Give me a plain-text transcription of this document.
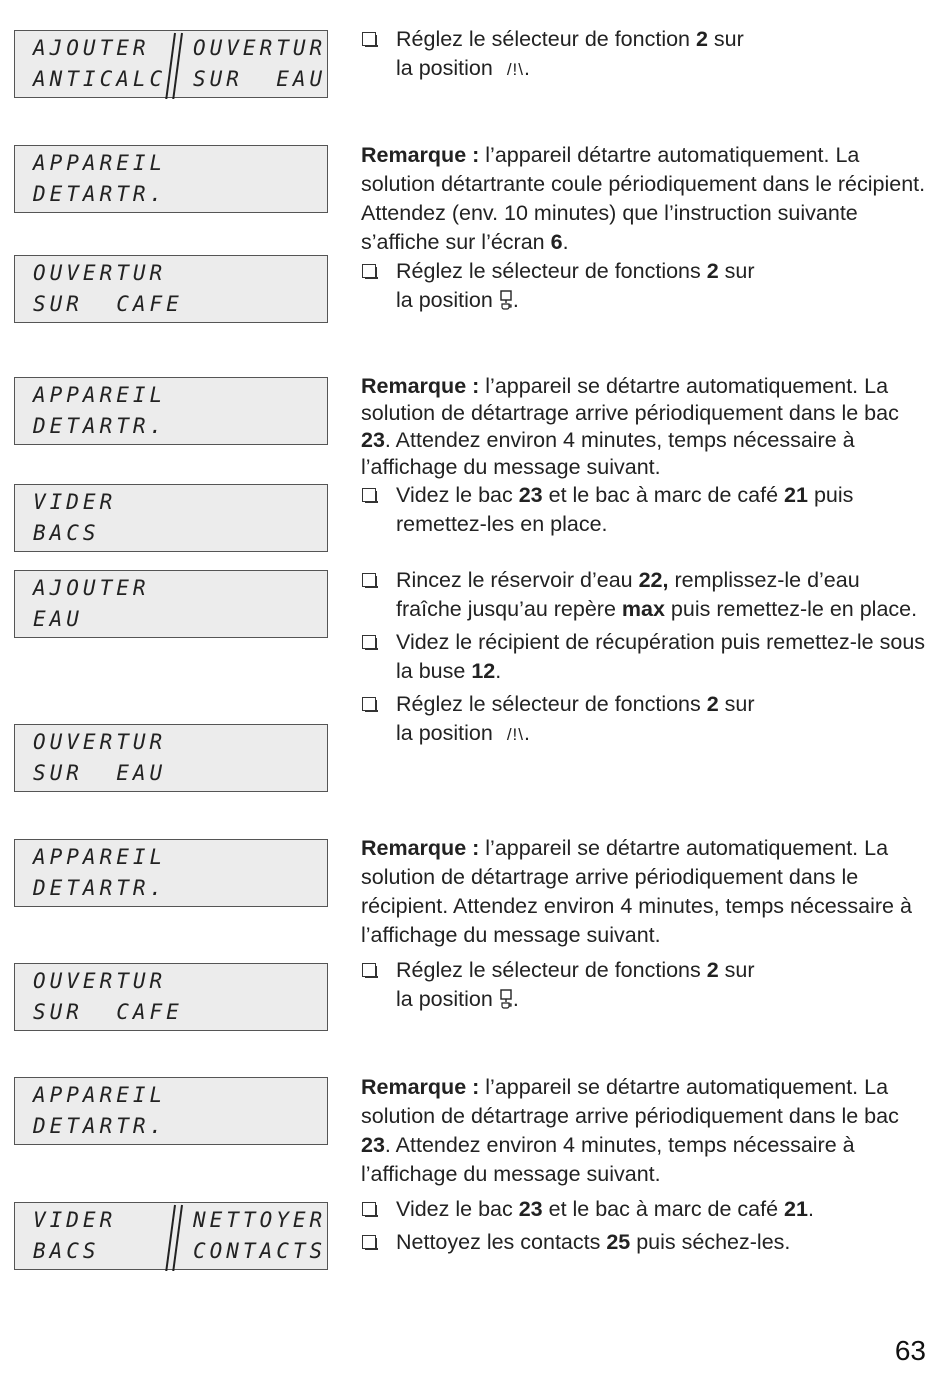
AJOUTER
ANTICALC
OUVERTUR
SUR  EAU
APPAREIL
DETARTR.
OUVERTUR
SUR  CAFE
APPAREIL
DETARTR.
VIDER
BACS
AJOUTER
EAU
OUVERTUR
SUR  EAU
APPAREIL
DETARTR.
OUVERTUR
SUR  CAFE
APPAREIL
DETARTR.
VIDER
BACS
NETTOYER
CONTACTS
Réglez le sélecteur de fonction 2 sur
la position /!\.

Remarque : l’appareil détartre automatiquement. La solution détartrante coule périodiquement dans le récipient. Attendez (env. 10 minutes) que l’instruction suivante s’affiche sur l’écran 6.

Réglez le sélecteur de fonctions 2 sur
la position .

Remarque : l’appareil se détartre automatiquement. La solution de détartrage arrive périodiquement dans le bac 23. Attendez environ 4 minutes, temps nécessaire à l’affichage du message suivant.

Videz le bac 23 et le bac à marc de café 21 puis remettez-les en place.
Rincez le réservoir d’eau 22, remplissez-le d’eau fraîche jusqu’au repère max puis remettez-le en place.
Videz le récipient de récupération puis remettez-le sous la buse 12.
Réglez le sélecteur de fonctions 2 sur
la position /!\.

Remarque : l’appareil se détartre automatiquement. La solution de détartrage arrive périodiquement dans le récipient. Attendez environ 4 minutes, temps nécessaire à l’affichage du message suivant.

Réglez le sélecteur de fonctions 2 sur
la position .

Remarque : l’appareil se détartre automatiquement. La solution de détartrage arrive périodiquement dans le bac 23. Attendez environ 4 minutes, temps nécessaire à l’affichage du message suivant.

Videz le bac 23 et le bac à marc de café 21.
Nettoyez les contacts 25 puis séchez-les.
63
